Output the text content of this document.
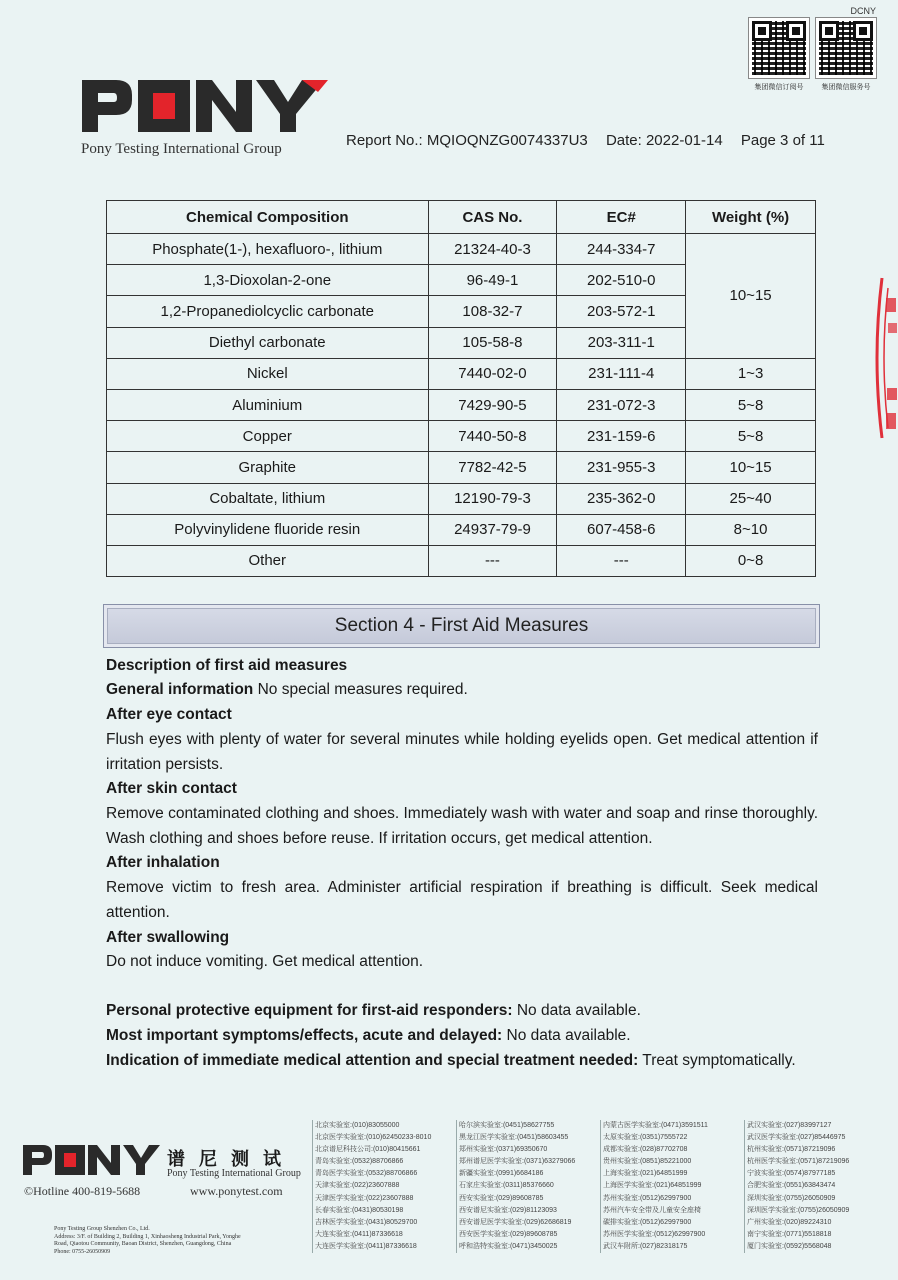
DCNY
集团微信订阅号	集团微信服务号
Pony Testing International Group	Report No.: MQIOQNZG0074337U3 Date: 2022-01-14 Page 3 of 11
Chemical Composition	CAS No.	EC#	Weight (%)
Phosphate(1-), hexafluoro-, lithium	21324-40-3	244-334-7	10~15
1,3-Dioxolan-2-one	96-49-1	202-510-0	
1,2-Propanediolcyclic carbonate	108-32-7	203-572-1	
Diethyl carbonate	105-58-8	203-311-1	
Nickel	7440-02-0	231-111-4	1~3
Aluminium	7429-90-5	231-072-3	5~8
Copper	7440-50-8	231-159-6	5~8
Graphite	7782-42-5	231-955-3	10~15
Cobaltate, lithium	12190-79-3	235-362-0	25~40
Polyvinylidene fluoride resin	24937-79-9	607-458-6	8~10
Other	---	---	0~8
Section 4 - First Aid Measures
Description of first aid measures
General information No special measures required.
After eye contact
Flush eyes with plenty of water for several minutes while holding eyelids open. Get medical attention if irritation persists.
After skin contact
Remove contaminated clothing and shoes. Immediately wash with water and soap and rinse thoroughly. Wash clothing and shoes before reuse. If irritation occurs, get medical attention.
After inhalation
Remove victim to fresh area. Administer artificial respiration if breathing is difficult. Seek medical attention.
After swallowing
Do not induce vomiting. Get medical attention.
Personal protective equipment for first-aid responders: No data available.
Most important symptoms/effects, acute and delayed: No data available.
Indication of immediate medical attention and special treatment needed: Treat symptomatically.
谱尼测试
Pony Testing International Group
©Hotline 400-819-5688	www.ponytest.com
Pony Testing Group Shenzhen Co., Ltd.
Address: 3/F. of Building 2, Building 1, Xinhaosheng Industrial Park, Yonghe
Road, Qiaotou Community, Baoan District, Shenzhen, Guangdong, China
Phone: 0755-26050909
北京实验室:(010)83055000
北京医学实验室:(010)62450233-8010
北京谱尼科技公司:(010)80415661
青岛实验室:(0532)88706866
青岛医学实验室:(0532)88706866
天津实验室:(022)23607888
天津医学实验室:(022)23607888
长春实验室:(0431)80530198
吉林医学实验室:(0431)80529700
大连实验室:(0411)87336618
大连医学实验室:(0411)87336618
哈尔滨实验室:(0451)58627755
黑龙江医学实验室:(0451)58603455
郑州实验室:(0371)69350670
郑州谱尼医学实验室:(0371)63279066
新疆实验室:(0991)6684186
石家庄实验室:(0311)85376660
西安实验室:(029)89608785
西安谱尼实验室:(029)81123093
西安谱尼医学实验室:(029)62686819
西安医学实验室:(029)89608785
呼和浩特实验室:(0471)3450025
内蒙古医学实验室:(0471)3591511
太原实验室:(0351)7555722
成都实验室:(028)87702708
贵州实验室:(0851)85221000
上海实验室:(021)64851999
上海医学实验室:(021)64851999
苏州实验室:(0512)62997900
苏州汽车安全带及儿童安全座椅
碳排实验室:(0512)62997900
苏州医学实验室:(0512)62997900
武汉车附所:(027)82318175
武汉实验室:(027)83997127
武汉医学实验室:(027)85446975
杭州实验室:(0571)87219096
杭州医学实验室:(0571)87219096
宁波实验室:(0574)87977185
合肥实验室:(0551)63843474
深圳实验室:(0755)26050909
深圳医学实验室:(0755)26050909
广州实验室:(020)89224310
南宁实验室:(0771)5518818
厦门实验室:(0592)5568048
